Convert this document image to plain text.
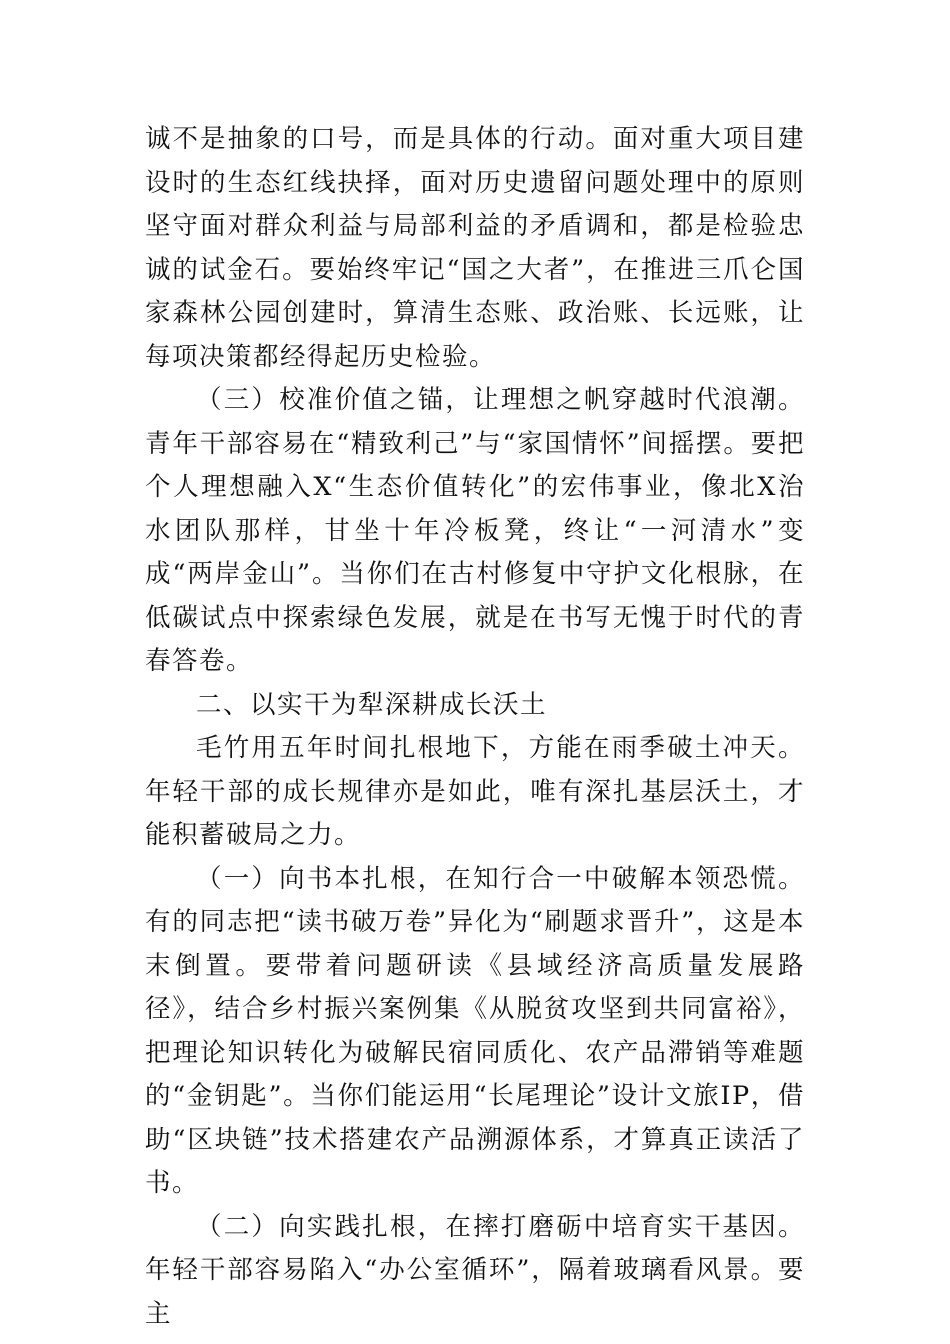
诚不是抽象的口号，而是具体的行动。面对重大项目建设时的生态红线抉择，面对历史遗留问题处理中的原则坚守面对群众利益与局部利益的矛盾调和，都是检验忠诚的试金石。要始终牢记“国之大者”，在推进三爪仑国家森林公园创建时，算清生态账、政治账、长远账，让每项决策都经得起历史检验。

（三）校准价值之锚，让理想之帆穿越时代浪潮。青年干部容易在“精致利己”与“家国情怀”间摇摆。要把个人理想融入X“生态价值转化”的宏伟事业，像北X治水团队那样，甘坐十年冷板凳，终让“一河清水”变成“两岸金山”。当你们在古村修复中守护文化根脉，在低碳试点中探索绿色发展，就是在书写无愧于时代的青春答卷。

二、以实干为犁深耕成长沃土

毛竹用五年时间扎根地下，方能在雨季破土冲天。年轻干部的成长规律亦是如此，唯有深扎基层沃土，才能积蓄破局之力。

（一）向书本扎根，在知行合一中破解本领恐慌。有的同志把“读书破万卷”异化为“刷题求晋升”，这是本末倒置。要带着问题研读《县域经济高质量发展路径》，结合乡村振兴案例集《从脱贫攻坚到共同富裕》，把理论知识转化为破解民宿同质化、农产品滞销等难题的“金钥匙”。当你们能运用“长尾理论”设计文旅IP，借助“区块链”技术搭建农产品溯源体系，才算真正读活了书。

（二）向实践扎根，在摔打磨砺中培育实干基因。年轻干部容易陷入“办公室循环”，隔着玻璃看风景。要主
